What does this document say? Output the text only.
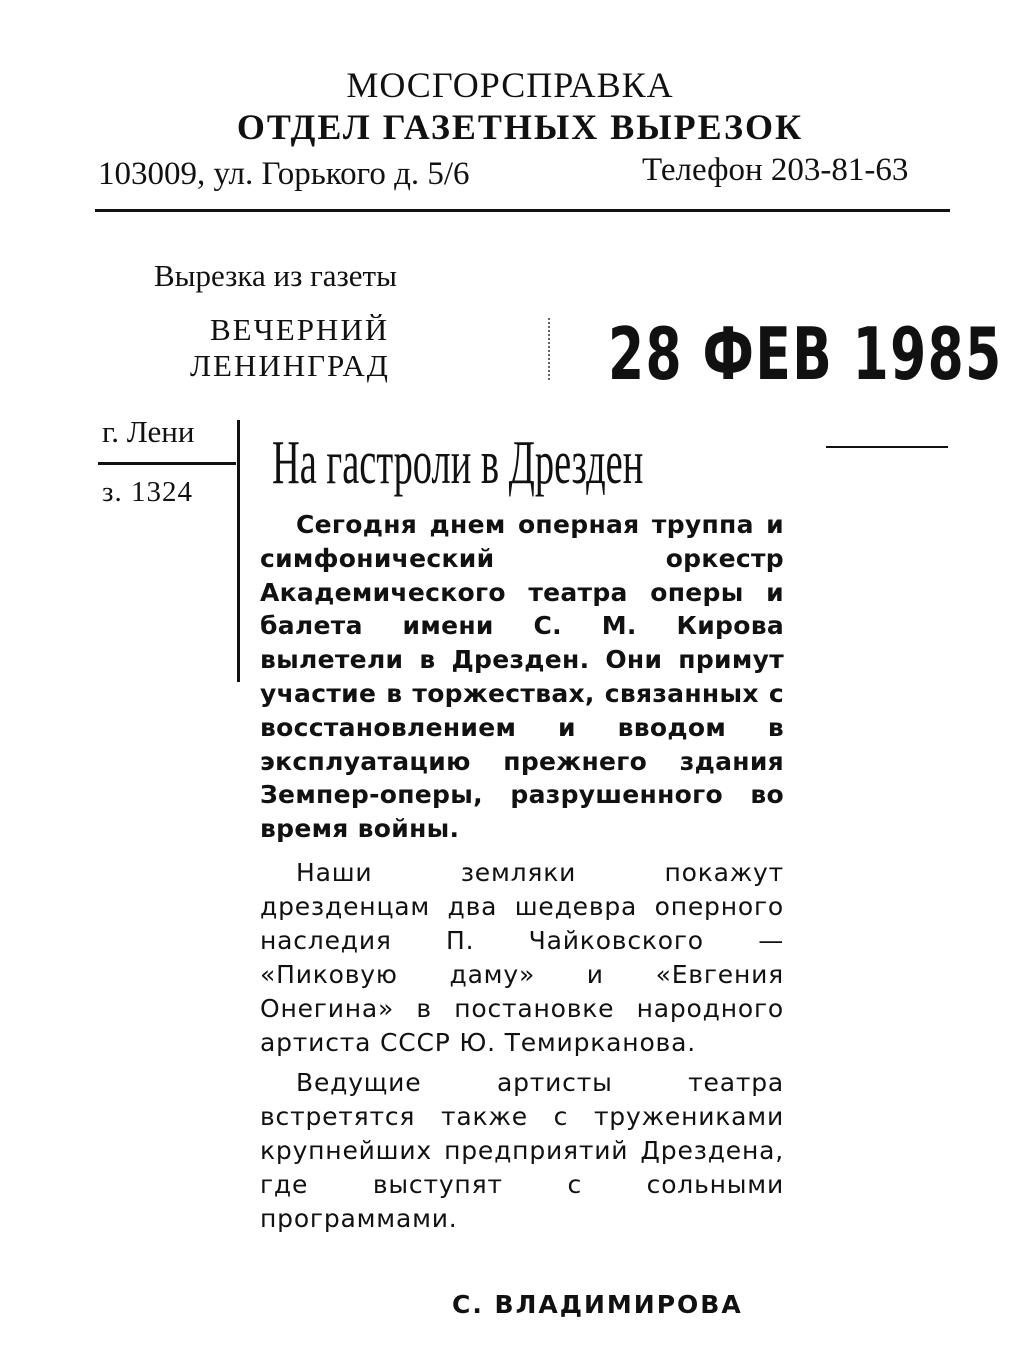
МОСГОРСПРАВКА
ОТДЕЛ ГАЗЕТНЫХ ВЫРЕЗОК
103009, ул. Горького д. 5/6	Телефон 203-81-63
Вырезка из газеты
ВЕЧЕРНИЙ
ЛЕНИНГРАД	28 ФЕВ 1985
г. Лени
з. 1324 На гастроли в Дрезден

Сегодня днем оперная труппа и симфонический оркестр Академического театра оперы и балета имени С. М. Кирова вылетели в Дрезден. Они примут участие в торжествах, связанных с восстановлением и вводом в эксплуатацию прежнего здания Земпер-оперы, разрушенного во время войны.

Наши земляки покажут дрезденцам два шедевра оперного наследия П. Чайковского — «Пиковую даму» и «Евгения Онегина» в постановке народного артиста СССР Ю. Темирканова.

Ведущие артисты театра встретятся также с тружениками крупнейших предприятий Дрездена, где выступят с сольными программами.

С. ВЛАДИМИРОВА
